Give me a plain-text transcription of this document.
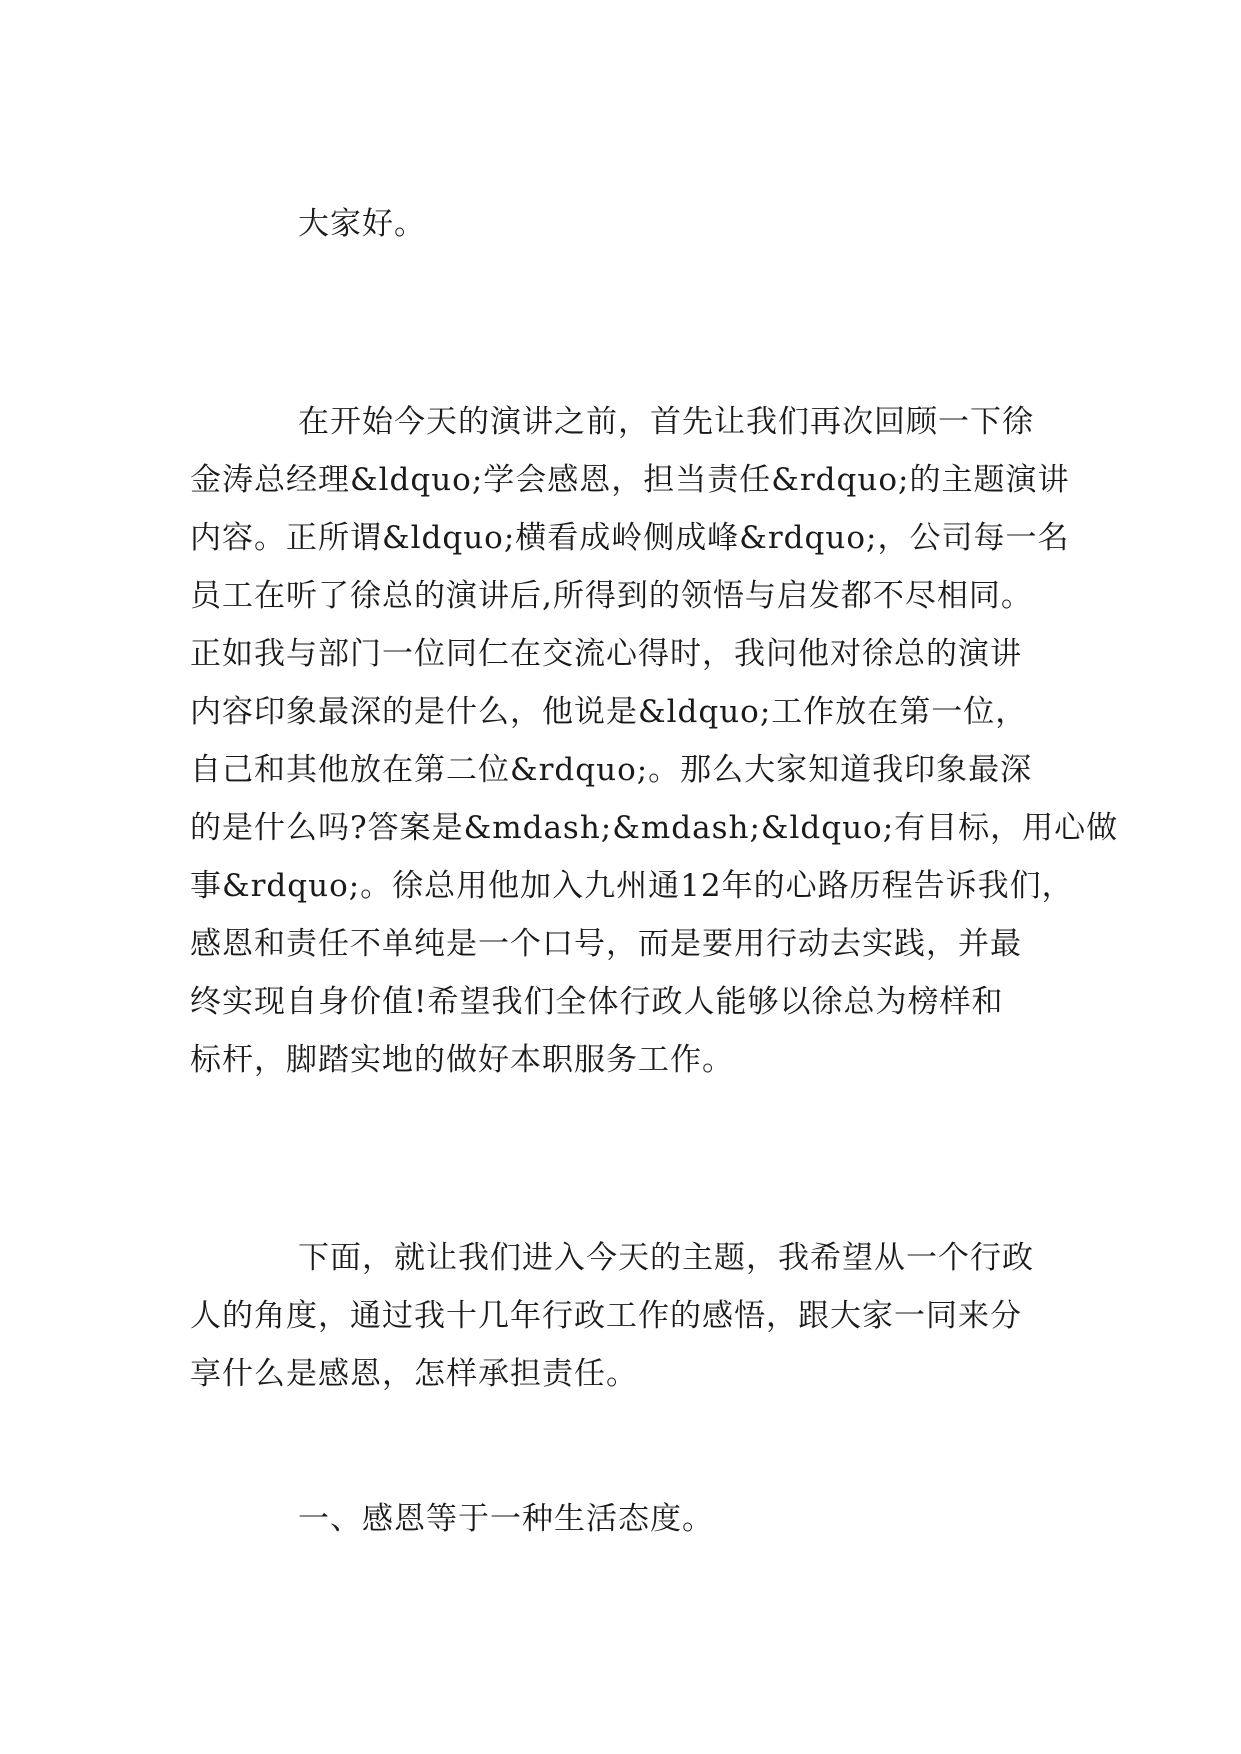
大家好。

在开始今天的演讲之前，首先让我们再次回顾一下徐
金涛总经理&ldquo;学会感恩，担当责任&rdquo;的主题演讲
内容。正所谓&ldquo;横看成岭侧成峰&rdquo;，公司每一名
员工在听了徐总的演讲后,所得到的领悟与启发都不尽相同。
正如我与部门一位同仁在交流心得时，我问他对徐总的演讲
内容印象最深的是什么，他说是&ldquo;工作放在第一位，
自己和其他放在第二位&rdquo;。那么大家知道我印象最深
的是什么吗?答案是&mdash;&mdash;&ldquo;有目标，用心做
事&rdquo;。徐总用他加入九州通12年的心路历程告诉我们，
感恩和责任不单纯是一个口号，而是要用行动去实践，并最
终实现自身价值!希望我们全体行政人能够以徐总为榜样和
标杆，脚踏实地的做好本职服务工作。

下面，就让我们进入今天的主题，我希望从一个行政
人的角度，通过我十几年行政工作的感悟，跟大家一同来分
享什么是感恩，怎样承担责任。

一、感恩等于一种生活态度。
